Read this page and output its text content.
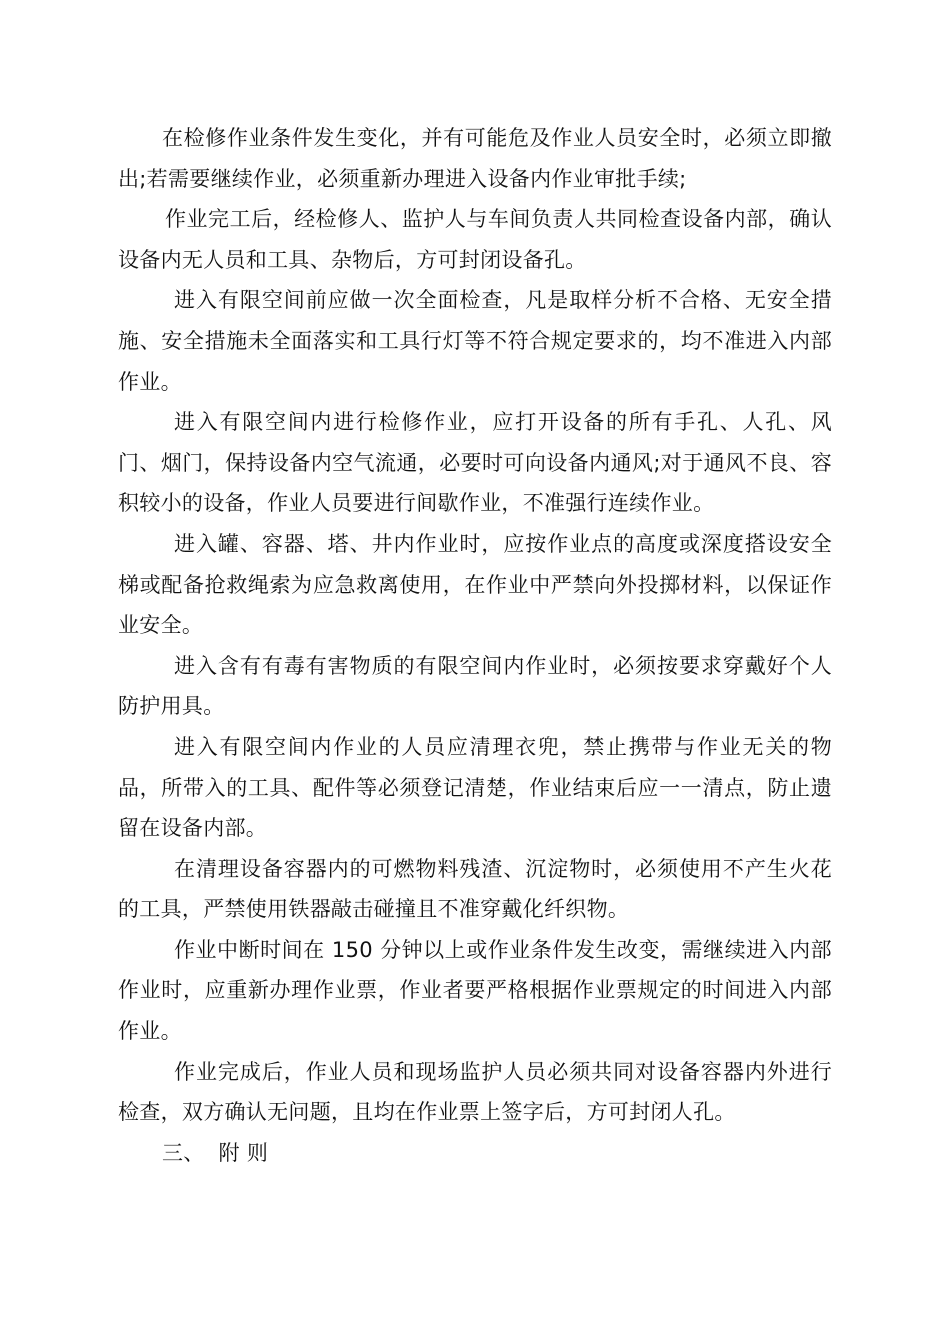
在检修作业条件发生变化，并有可能危及作业人员安全时，必须立即撤出;若需要继续作业，必须重新办理进入设备内作业审批手续;

作业完工后，经检修人、监护人与车间负责人共同检查设备内部，确认设备内无人员和工具、杂物后，方可封闭设备孔。

进入有限空间前应做一次全面检查，凡是取样分析不合格、无安全措施、安全措施未全面落实和工具行灯等不符合规定要求的，均不准进入内部作业。

进入有限空间内进行检修作业，应打开设备的所有手孔、人孔、风门、烟门，保持设备内空气流通，必要时可向设备内通风;对于通风不良、容积较小的设备，作业人员要进行间歇作业，不准强行连续作业。

进入罐、容器、塔、井内作业时，应按作业点的高度或深度搭设安全梯或配备抢救绳索为应急救离使用，在作业中严禁向外投掷材料，以保证作业安全。

进入含有有毒有害物质的有限空间内作业时，必须按要求穿戴好个人防护用具。

进入有限空间内作业的人员应清理衣兜，禁止携带与作业无关的物品，所带入的工具、配件等必须登记清楚，作业结束后应一一清点，防止遗留在设备内部。

在清理设备容器内的可燃物料残渣、沉淀物时，必须使用不产生火花的工具，严禁使用铁器敲击碰撞且不准穿戴化纤织物。

作业中断时间在 150 分钟以上或作业条件发生改变，需继续进入内部作业时，应重新办理作业票，作业者要严格根据作业票规定的时间进入内部作业。

作业完成后，作业人员和现场监护人员必须共同对设备容器内外进行检查，双方确认无问题，且均在作业票上签字后，方可封闭人孔。

三、  附 则
